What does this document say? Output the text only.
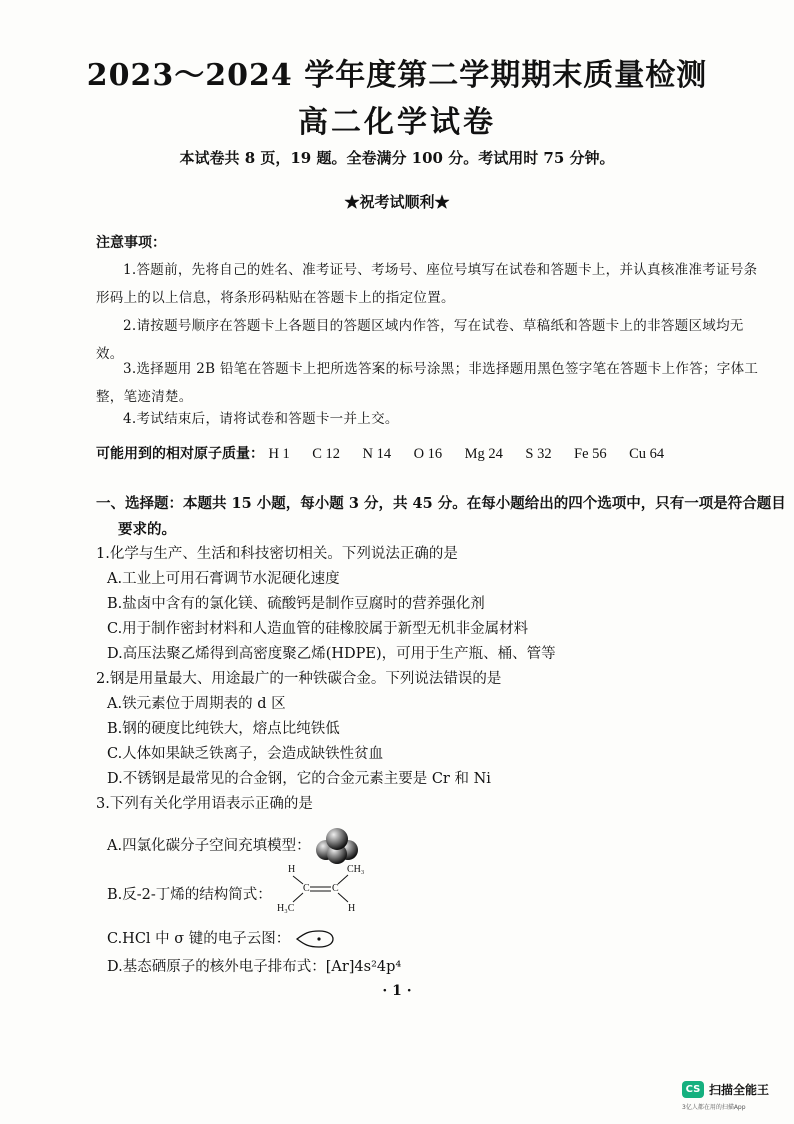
2023～2024 学年度第二学期期末质量检测
高二化学试卷
本试卷共 8 页，19 题。全卷满分 100 分。考试用时 75 分钟。
★祝考试顺利★
注意事项：
1.答题前，先将自己的姓名、准考证号、考场号、座位号填写在试卷和答题卡上，并认真核准准考证号条形码上的以上信息，将条形码粘贴在答题卡上的指定位置。
2.请按题号顺序在答题卡上各题目的答题区域内作答，写在试卷、草稿纸和答题卡上的非答题区域均无效。
3.选择题用 2B 铅笔在答题卡上把所选答案的标号涂黑；非选择题用黑色签字笔在答题卡上作答；字体工整，笔迹清楚。
4.考试结束后，请将试卷和答题卡一并上交。
可能用到的相对原子质量： H 1 C 12 N 14 O 16 Mg 24 S 32 Fe 56 Cu 64
一、选择题：本题共 15 小题，每小题 3 分，共 45 分。在每小题给出的四个选项中，只有一项是符合题目要求的。
1.化学与生产、生活和科技密切相关。下列说法正确的是
A.工业上可用石膏调节水泥硬化速度
B.盐卤中含有的氯化镁、硫酸钙是制作豆腐时的营养强化剂
C.用于制作密封材料和人造血管的硅橡胶属于新型无机非金属材料
D.高压法聚乙烯得到高密度聚乙烯(HDPE)，可用于生产瓶、桶、管等
2.钢是用量最大、用途最广的一种铁碳合金。下列说法错误的是
A.铁元素位于周期表的 d 区
B.钢的硬度比纯铁大，熔点比纯铁低
C.人体如果缺乏铁离子，会造成缺铁性贫血
D.不锈钢是最常见的合金钢，它的合金元素主要是 Cr 和 Ni
3.下列有关化学用语表示正确的是
A.四氯化碳分子空间充填模型：
B.反-2-丁烯的结构简式：
H
C C
CH₃
H₃C	H
C.HCl 中 σ 键的电子云图：
D.基态硒原子的核外电子排布式：[Ar]4s²4p⁴
· 1 ·
CS 扫描全能王
3亿人都在用的扫描App
